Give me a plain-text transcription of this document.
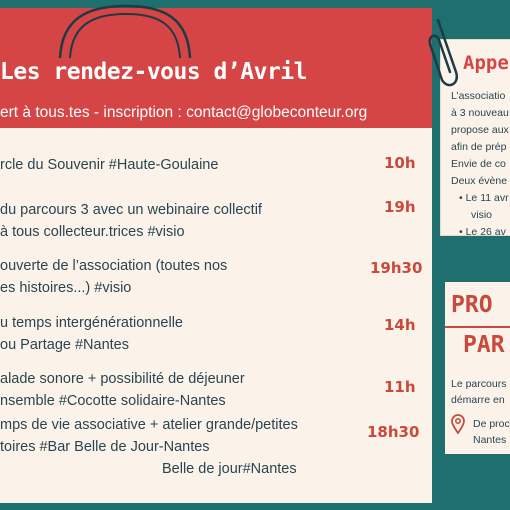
Les rendez-vous d’Avril
ert à tous.tes - inscription : contact@globeconteur.org
rcle du Souvenir #Haute-Goulaine	10h
du parcours 3 avec un webinaire collectif
à tous collecteur.trices #visio
19h
ouverte de l’association (toutes nos
es histoires...) #visio
19h30
u temps intergénérationnelle
ou Partage #Nantes
14h
alade sonore + possibilité de déjeuner
nsemble #Cocotte solidaire-Nantes
11h
mps de vie associative + atelier grande/petites
toires #Bar Belle de Jour-Nantes
18h30
Belle de jour#Nantes
Appe
L’associatio
à 3 nouveau
propose aux
afin de prép
Envie de co
Deux évène
• Le 11 avr
visio
• Le 26 av
PRO
PAR
Le parcours
démarre en
De proc
Nantes
